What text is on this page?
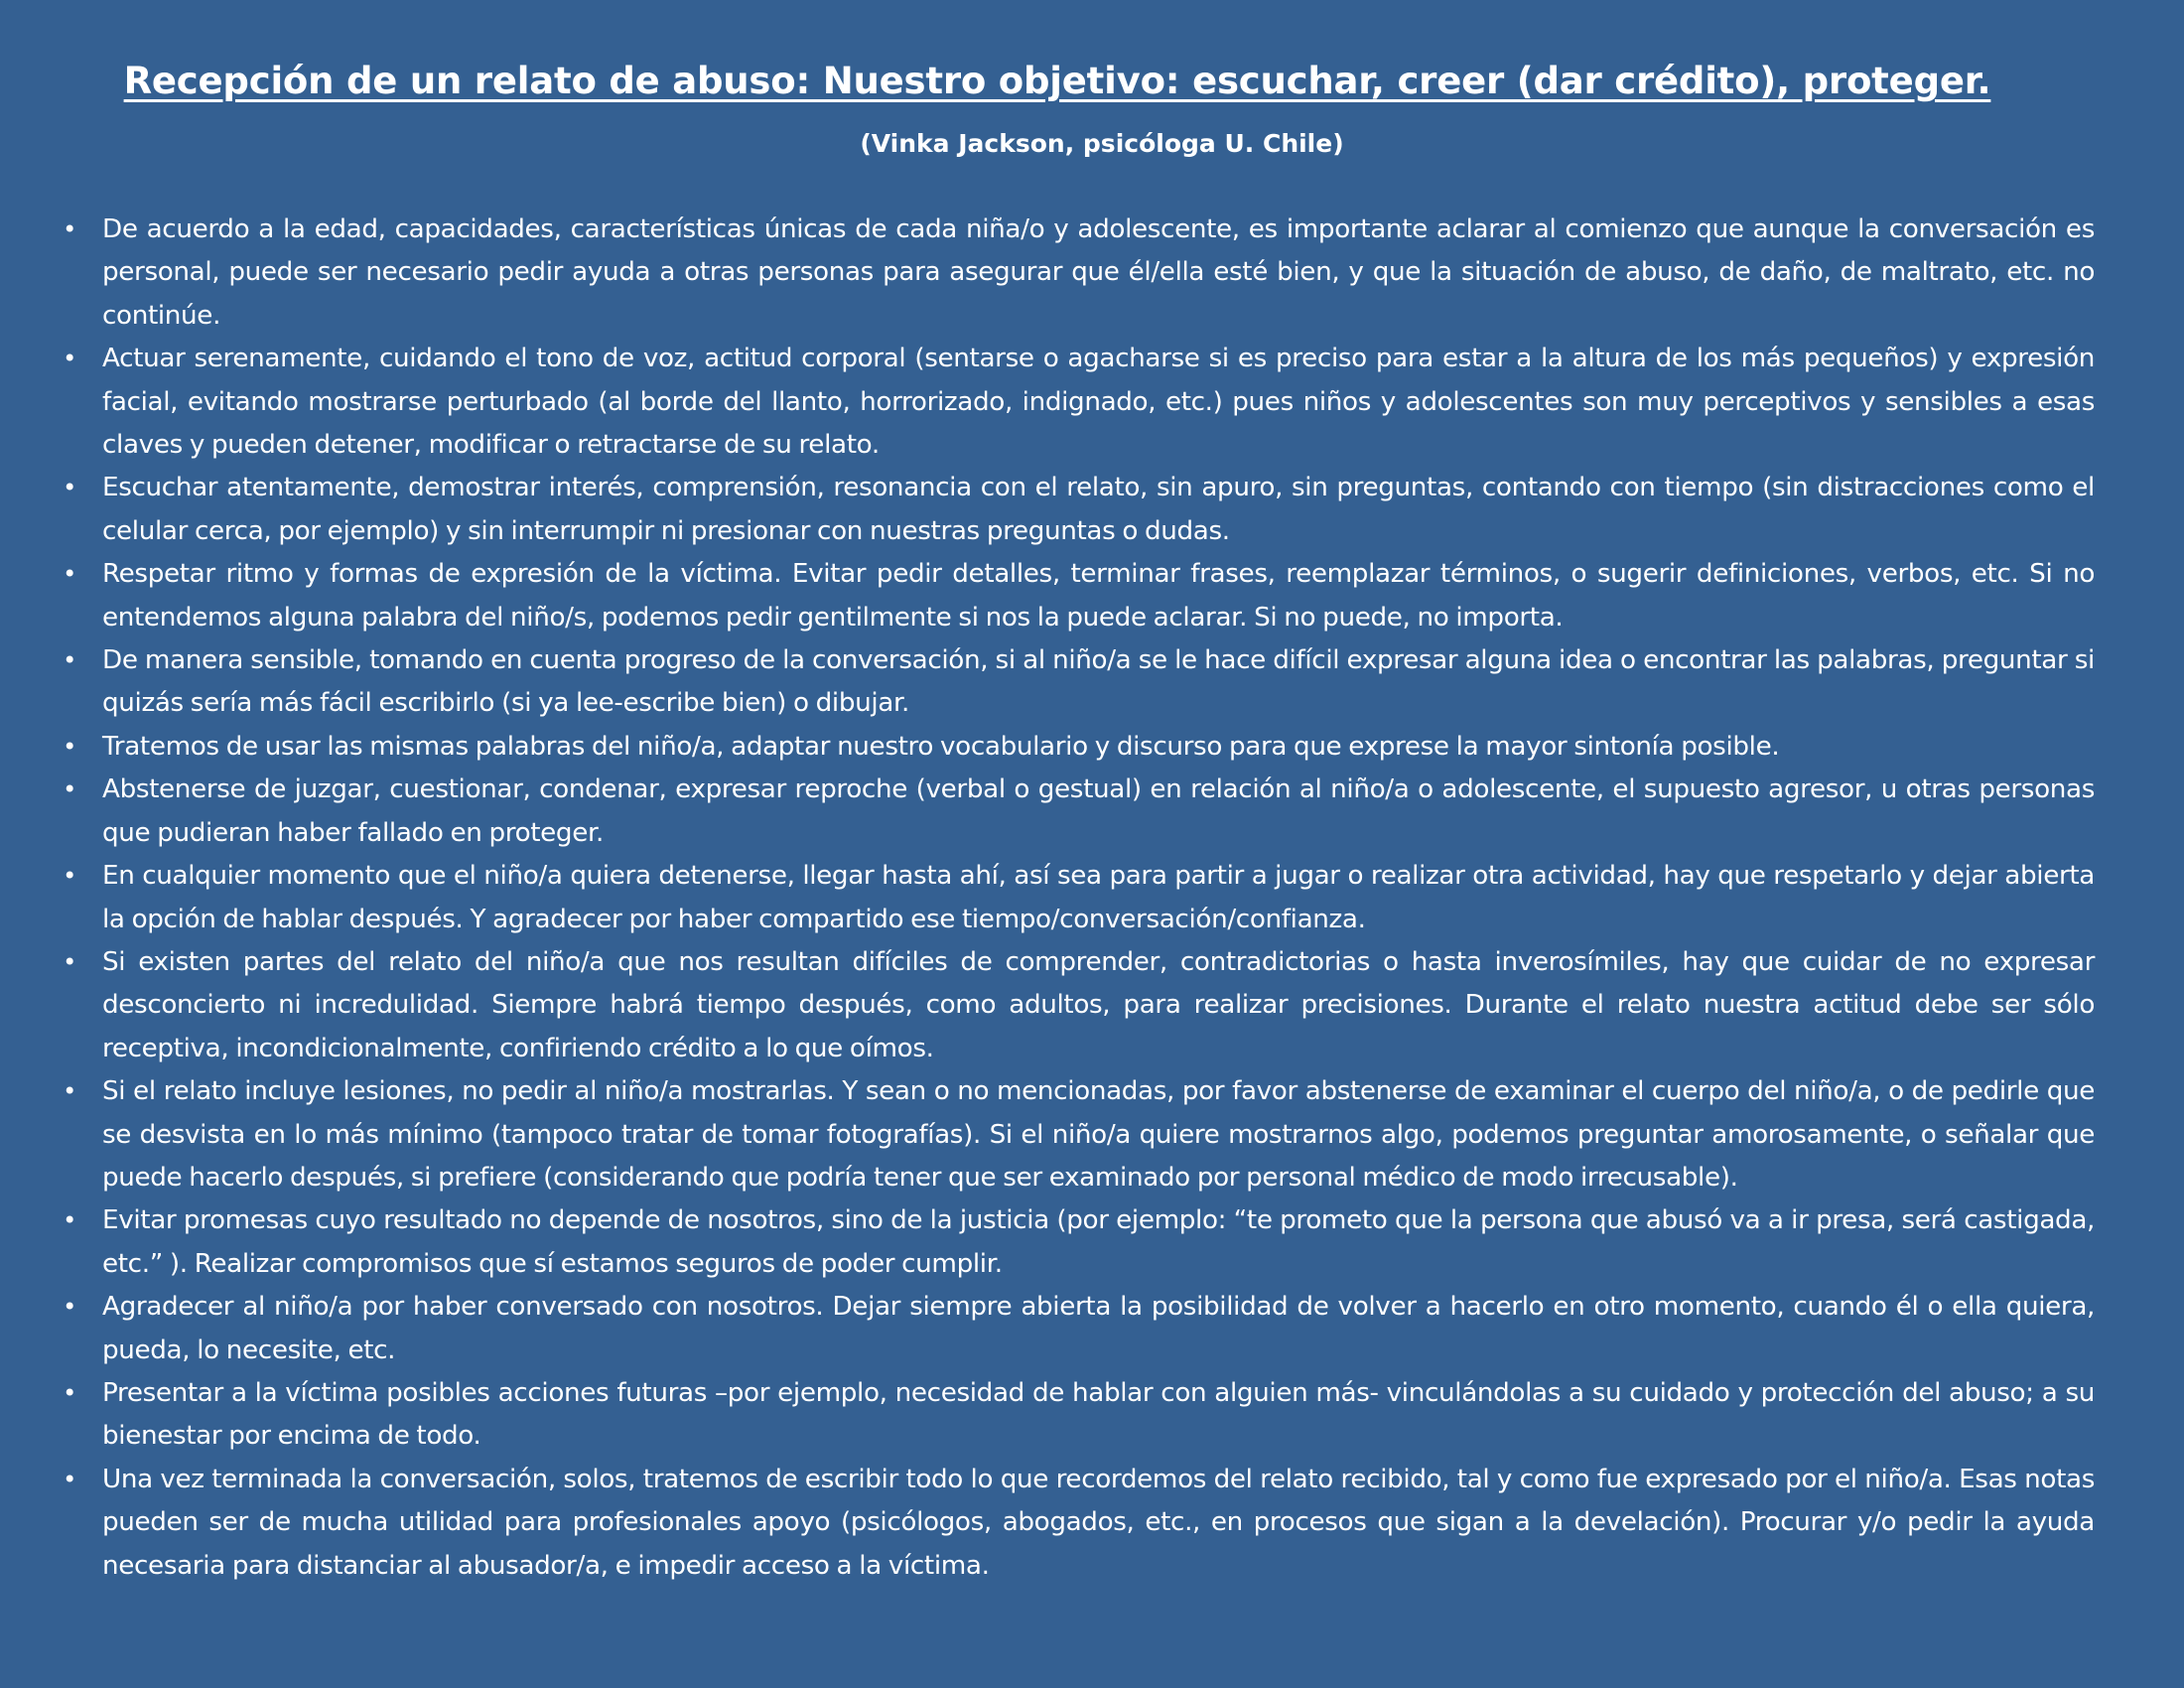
Recepción de un relato de abuso: Nuestro objetivo: escuchar, creer (dar crédito), proteger.
(Vinka Jackson, psicóloga U. Chile)
• De acuerdo a la edad, capacidades, características únicas de cada niña/o y adolescente, es importante aclarar al comienzo que aunque la conversación es personal, puede ser necesario pedir ayuda a otras personas para asegurar que él/ella esté bien, y que la situación de abuso, de daño, de maltrato, etc. no continúe.
• Actuar serenamente, cuidando el tono de voz, actitud corporal (sentarse o agacharse si es preciso para estar a la altura de los más pequeños) y expresión facial, evitando mostrarse perturbado (al borde del llanto, horrorizado, indignado, etc.) pues niños y adolescentes son muy perceptivos y sensibles a esas claves y pueden detener, modificar o retractarse de su relato.
• Escuchar atentamente, demostrar interés, comprensión, resonancia con el relato, sin apuro, sin preguntas, contando con tiempo (sin distracciones como el celular cerca, por ejemplo) y sin interrumpir ni presionar con nuestras preguntas o dudas.
• Respetar ritmo y formas de expresión de la víctima. Evitar pedir detalles, terminar frases, reemplazar términos, o sugerir definiciones, verbos, etc. Si no entendemos alguna palabra del niño/s, podemos pedir gentilmente si nos la puede aclarar. Si no puede, no importa.
• De manera sensible, tomando en cuenta progreso de la conversación, si al niño/a se le hace difícil expresar alguna idea o encontrar las palabras, preguntar si quizás sería más fácil escribirlo (si ya lee-escribe bien) o dibujar.
• Tratemos de usar las mismas palabras del niño/a, adaptar nuestro vocabulario y discurso para que exprese la mayor sintonía posible.
• Abstenerse de juzgar, cuestionar, condenar, expresar reproche (verbal o gestual) en relación al niño/a o adolescente, el supuesto agresor, u otras personas que pudieran haber fallado en proteger.
• En cualquier momento que el niño/a quiera detenerse, llegar hasta ahí, así sea para partir a jugar o realizar otra actividad, hay que respetarlo y dejar abierta la opción de hablar después. Y agradecer por haber compartido ese tiempo/conversación/confianza.
• Si existen partes del relato del niño/a que nos resultan difíciles de comprender, contradictorias o hasta inverosímiles, hay que cuidar de no expresar desconcierto ni incredulidad. Siempre habrá tiempo después, como adultos, para realizar precisiones. Durante el relato nuestra actitud debe ser sólo receptiva, incondicionalmente, confiriendo crédito a lo que oímos.
• Si el relato incluye lesiones, no pedir al niño/a mostrarlas. Y sean o no mencionadas, por favor abstenerse de examinar el cuerpo del niño/a, o de pedirle que se desvista en lo más mínimo (tampoco tratar de tomar fotografías). Si el niño/a quiere mostrarnos algo, podemos preguntar amorosamente, o señalar que puede hacerlo después, si prefiere (considerando que podría tener que ser examinado por personal médico de modo irrecusable).
• Evitar promesas cuyo resultado no depende de nosotros, sino de la justicia (por ejemplo: “te prometo que la persona que abusó va a ir presa, será castigada, etc.” ). Realizar compromisos que sí estamos seguros de poder cumplir.
• Agradecer al niño/a por haber conversado con nosotros. Dejar siempre abierta la posibilidad de volver a hacerlo en otro momento, cuando él o ella quiera, pueda, lo necesite, etc.
• Presentar a la víctima posibles acciones futuras –por ejemplo, necesidad de hablar con alguien más- vinculándolas a su cuidado y protección del abuso; a su bienestar por encima de todo.
• Una vez terminada la conversación, solos, tratemos de escribir todo lo que recordemos del relato recibido, tal y como fue expresado por el niño/a. Esas notas pueden ser de mucha utilidad para profesionales apoyo (psicólogos, abogados, etc., en procesos que sigan a la develación). Procurar y/o pedir la ayuda necesaria para distanciar al abusador/a, e impedir acceso a la víctima.
